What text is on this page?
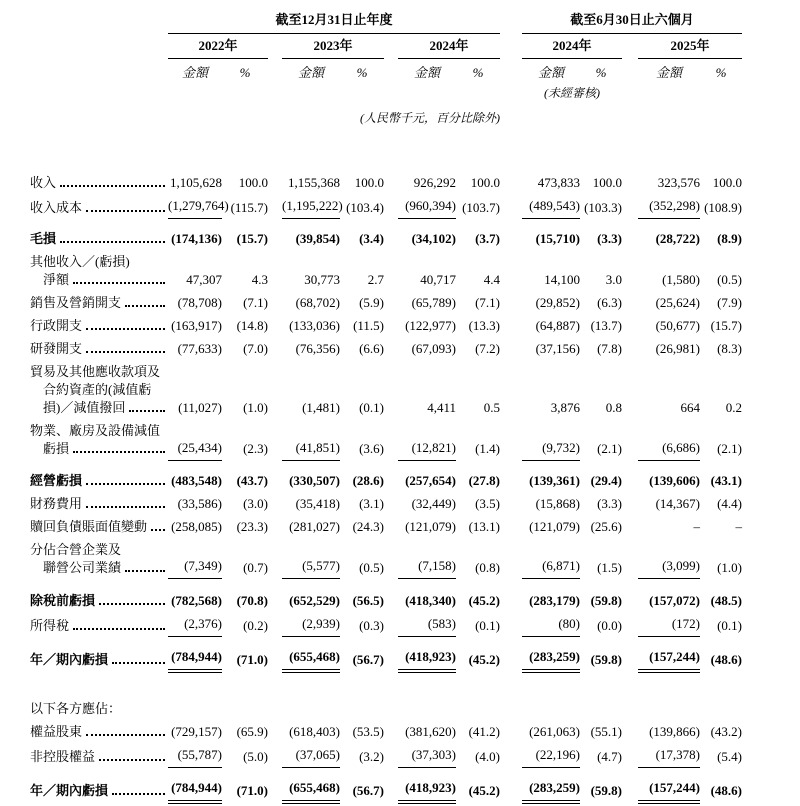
	截至12月31日止年度									截至6月30日止六個月				
	2022年			2023年			2024年			2024年			2025年	
	金額	%		金額	%		金額	%		金額	%		金額	%
										(未經審核)				
	(人民幣千元，百分比除外)													

收入	1,105,628	100.0		1,155,368	100.0		926,292	100.0		473,833	100.0		323,576	100.0

收入成本	(1,279,764)	(115.7)		(1,195,222)	(103.4)		(960,394)	(103.7)		(489,543)	(103.3)		(352,298)	(108.9)

毛損	(174,136)	(15.7)		(39,854)	(3.4)		(34,102)	(3.7)		(15,710)	(3.3)		(28,722)	(8.9)

其他收入／(虧損)
淨額	47,307	4.3		30,773	2.7		40,717	4.4		14,100	3.0		(1,580)	(0.5)

銷售及營銷開支	(78,708)	(7.1)		(68,702)	(5.9)		(65,789)	(7.1)		(29,852)	(6.3)		(25,624)	(7.9)

行政開支	(163,917)	(14.8)		(133,036)	(11.5)		(122,977)	(13.3)		(64,887)	(13.7)		(50,677)	(15.7)

研發開支	(77,633)	(7.0)		(76,356)	(6.6)		(67,093)	(7.2)		(37,156)	(7.8)		(26,981)	(8.3)

貿易及其他應收款項及
合約資產的(減值虧
損)／減值撥回	(11,027)	(1.0)		(1,481)	(0.1)		4,411	0.5		3,876	0.8		664	0.2

物業、廠房及設備減值
虧損	(25,434)	(2.3)		(41,851)	(3.6)		(12,821)	(1.4)		(9,732)	(2.1)		(6,686)	(2.1)

經營虧損	(483,548)	(43.7)		(330,507)	(28.6)		(257,654)	(27.8)		(139,361)	(29.4)		(139,606)	(43.1)

財務費用	(33,586)	(3.0)		(35,418)	(3.1)		(32,449)	(3.5)		(15,868)	(3.3)		(14,367)	(4.4)

贖回負債賬面值變動	(258,085)	(23.3)		(281,027)	(24.3)		(121,079)	(13.1)		(121,079)	(25.6)		–	–

分佔合營企業及
聯營公司業績	(7,349)	(0.7)		(5,577)	(0.5)		(7,158)	(0.8)		(6,871)	(1.5)		(3,099)	(1.0)

除稅前虧損	(782,568)	(70.8)		(652,529)	(56.5)		(418,340)	(45.2)		(283,179)	(59.8)		(157,072)	(48.5)

所得稅	(2,376)	(0.2)		(2,939)	(0.3)		(583)	(0.1)		(80)	(0.0)		(172)	(0.1)

年／期內虧損	(784,944)	(71.0)		(655,468)	(56.7)		(418,923)	(45.2)		(283,259)	(59.8)		(157,244)	(48.6)

以下各方應佔：														

權益股東	(729,157)	(65.9)		(618,403)	(53.5)		(381,620)	(41.2)		(261,063)	(55.1)		(139,866)	(43.2)

非控股權益	(55,787)	(5.0)		(37,065)	(3.2)		(37,303)	(4.0)		(22,196)	(4.7)		(17,378)	(5.4)

年／期內虧損	(784,944)	(71.0)		(655,468)	(56.7)		(418,923)	(45.2)		(283,259)	(59.8)		(157,244)	(48.6)
